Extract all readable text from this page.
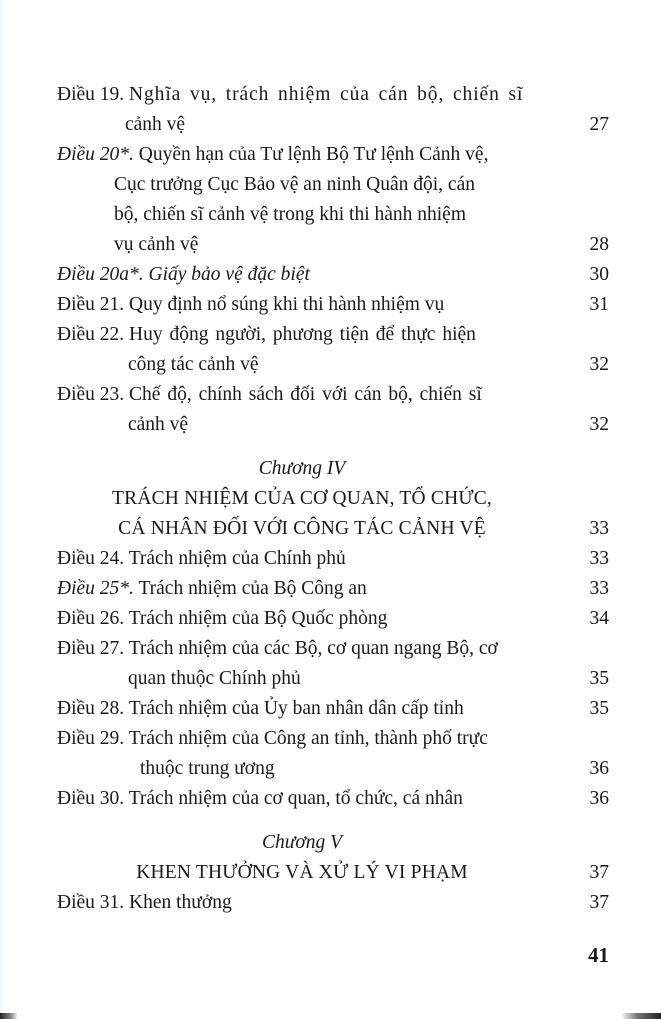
Điều 19. Nghĩa vụ, trách nhiệm của cán bộ, chiến sĩ
cảnh vệ	27
Điều 20*. Quyền hạn của Tư lệnh Bộ Tư lệnh Cảnh vệ,
Cục trưởng Cục Bảo vệ an ninh Quân đội, cán
bộ, chiến sĩ cảnh vệ trong khi thi hành nhiệm
vụ cảnh vệ	28
Điều 20a*. Giấy bảo vệ đặc biệt	30
Điều 21. Quy định nổ súng khi thi hành nhiệm vụ	31
Điều 22. Huy động người, phương tiện để thực hiện
công tác cảnh vệ	32
Điều 23. Chế độ, chính sách đối với cán bộ, chiến sĩ
cảnh vệ	32
Chương IV
TRÁCH NHIỆM CỦA CƠ QUAN, TỔ CHỨC,
CÁ NHÂN ĐỐI VỚI CÔNG TÁC CẢNH VỆ	33
Điều 24. Trách nhiệm của Chính phủ	33
Điều 25*. Trách nhiệm của Bộ Công an	33
Điều 26. Trách nhiệm của Bộ Quốc phòng	34
Điều 27. Trách nhiệm của các Bộ, cơ quan ngang Bộ, cơ
quan thuộc Chính phủ	35
Điều 28. Trách nhiệm của Ủy ban nhân dân cấp tỉnh	35
Điều 29. Trách nhiệm của Công an tỉnh, thành phố trực
thuộc trung ương	36
Điều 30. Trách nhiệm của cơ quan, tổ chức, cá nhân	36
Chương V
KHEN THƯỞNG VÀ XỬ LÝ VI PHẠM	37
Điều 31. Khen thưởng	37
41
